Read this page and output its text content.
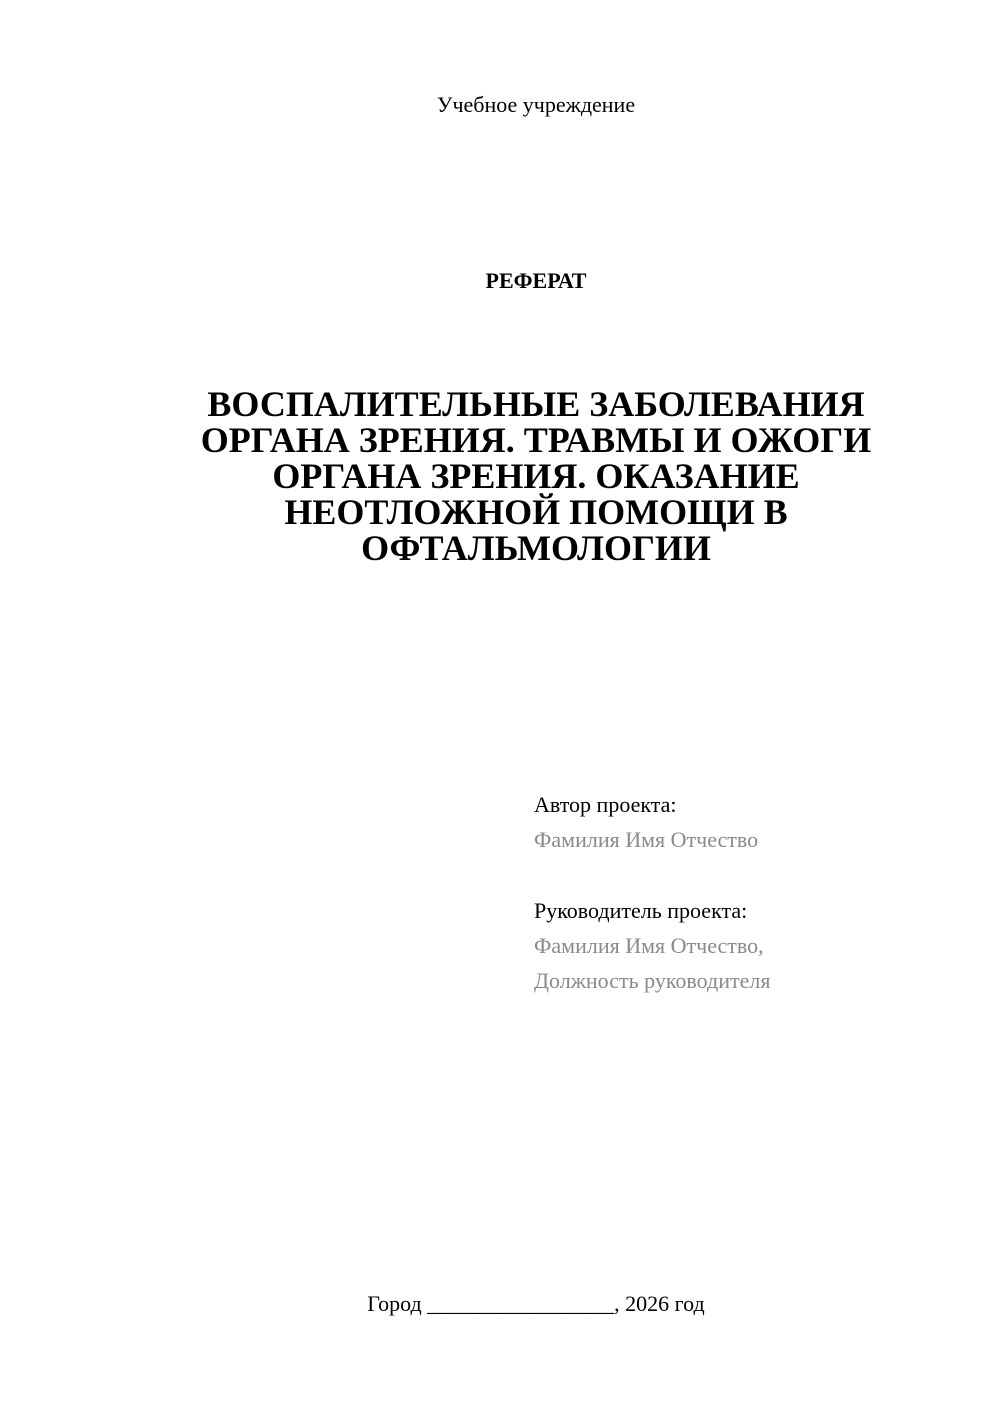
Учебное учреждение
РЕФЕРАТ
ВОСПАЛИТЕЛЬНЫЕ ЗАБОЛЕВАНИЯ ОРГАНА ЗРЕНИЯ. ТРАВМЫ И ОЖОГИ ОРГАНА ЗРЕНИЯ. ОКАЗАНИЕ НЕОТЛОЖНОЙ ПОМОЩИ В ОФТАЛЬМОЛОГИИ
Автор проекта:
Фамилия Имя Отчество
Руководитель проекта:
Фамилия Имя Отчество,
Должность руководителя
Город _________________, 2026 год
